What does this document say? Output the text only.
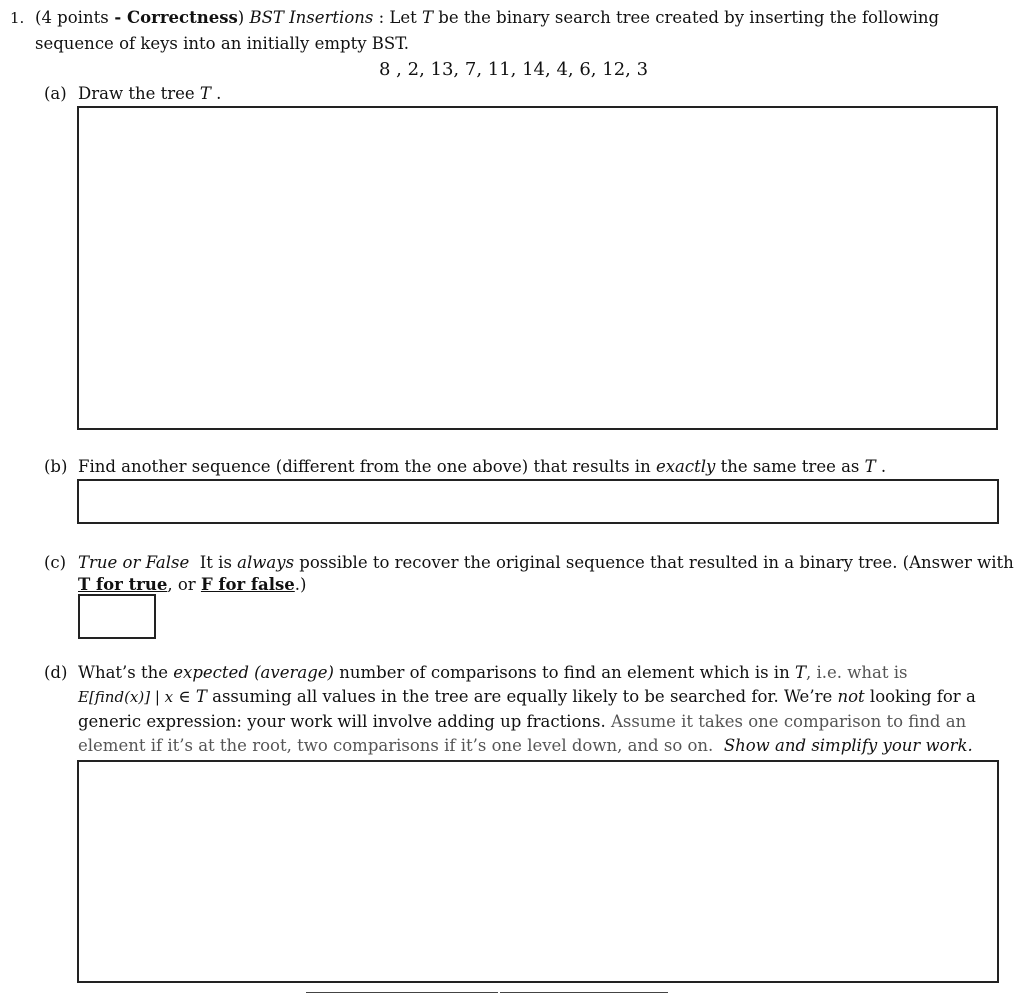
1. (4 points - Correctness) BST Insertions : Let T be the binary search tree created by inserting the following
sequence of keys into an initially empty BST.
8 , 2, 13, 7, 11, 14, 4, 6, 12, 3
(a) Draw the tree T .
(b) Find another sequence (different from the one above) that results in exactly the same tree as T .
(c) True or False It is always possible to recover the original sequence that resulted in a binary tree. (Answer with
T for true, or F for false.)
(d) What’s the expected (average) number of comparisons to find an element which is in T, i.e. what is
E[find(x)] | x ∈ T assuming all values in the tree are equally likely to be searched for. We’re not looking for a
generic expression: your work will involve adding up fractions. Assume it takes one comparison to find an
element if it’s at the root, two comparisons if it’s one level down, and so on. Show and simplify your work.
